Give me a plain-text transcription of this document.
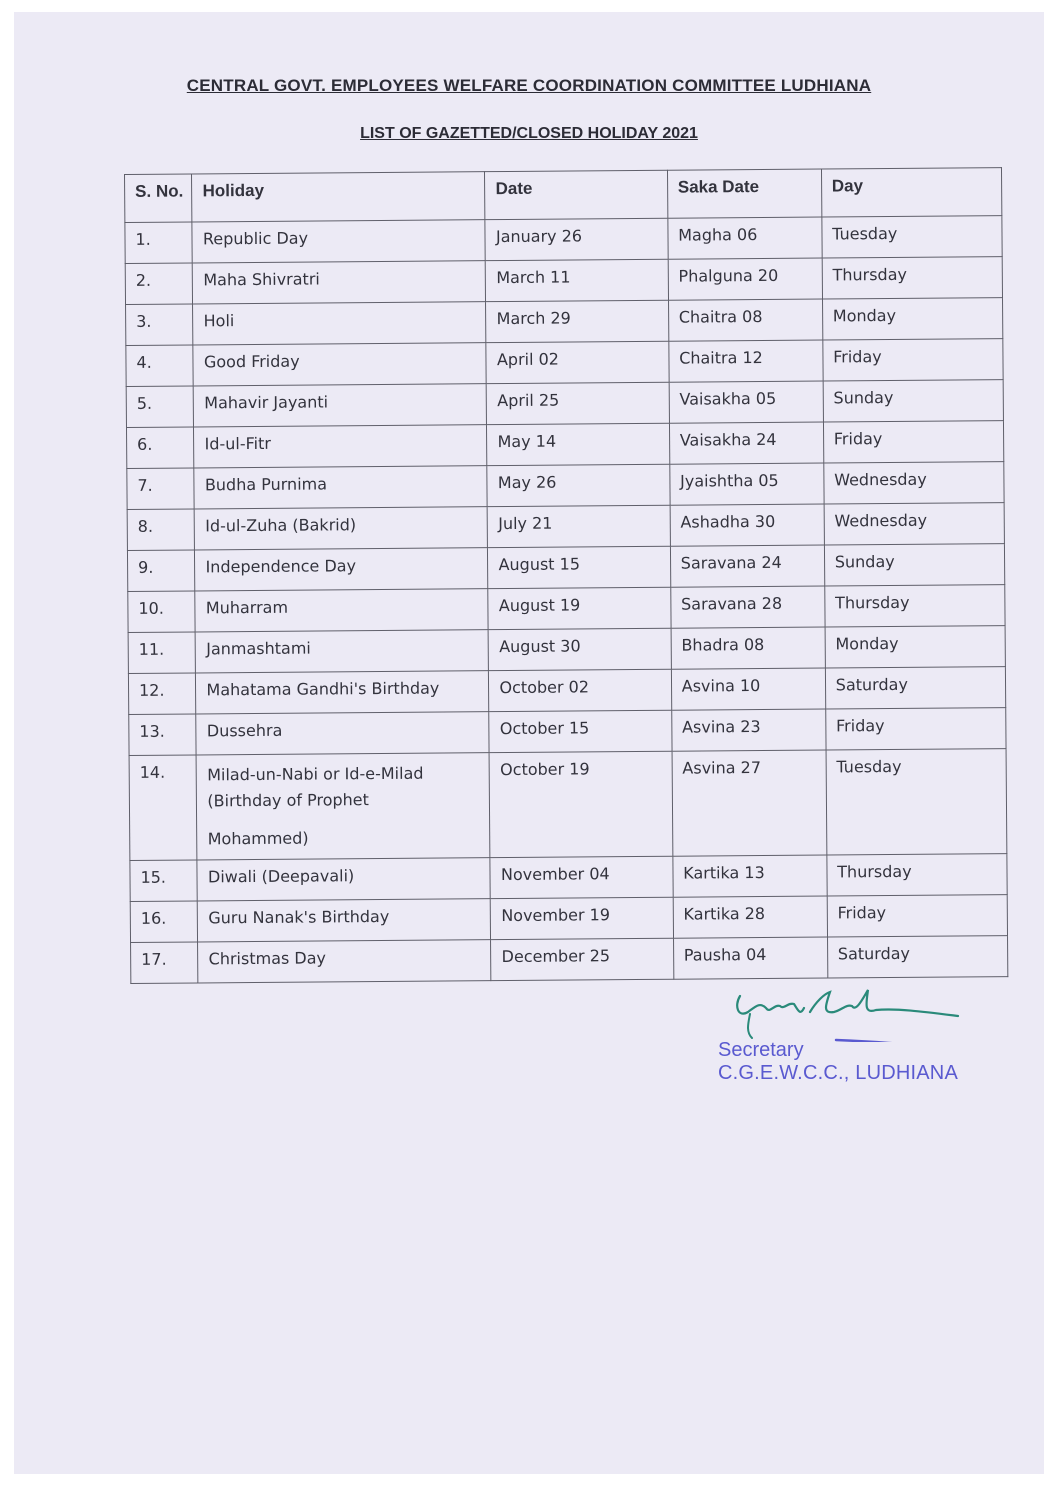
CENTRAL GOVT. EMPLOYEES WELFARE COORDINATION COMMITTEE LUDHIANA
LIST OF GAZETTED/CLOSED HOLIDAY 2021
S. No.	Holiday	Date	Saka Date	Day
1.	Republic Day	January 26	Magha 06	Tuesday
2.	Maha Shivratri	March 11	Phalguna 20	Thursday
3.	Holi	March 29	Chaitra 08	Monday
4.	Good Friday	April 02	Chaitra 12	Friday
5.	Mahavir Jayanti	April 25	Vaisakha 05	Sunday
6.	Id-ul-Fitr	May 14	Vaisakha 24	Friday
7.	Budha Purnima	May 26	Jyaishtha 05	Wednesday
8.	Id-ul-Zuha (Bakrid)	July 21	Ashadha 30	Wednesday
9.	Independence Day	August 15	Saravana 24	Sunday
10.	Muharram	August 19	Saravana 28	Thursday
11.	Janmashtami	August 30	Bhadra 08	Monday
12.	Mahatama Gandhi's Birthday	October 02	Asvina 10	Saturday
13.	Dussehra	October 15	Asvina 23	Friday
14.	Milad-un-Nabi or Id-e-Milad
(Birthday of Prophet
Mohammed)	October 19	Asvina 27	Tuesday
15.	Diwali (Deepavali)	November 04	Kartika 13	Thursday
16.	Guru Nanak's Birthday	November 19	Kartika 28	Friday
17.	Christmas Day	December 25	Pausha 04	Saturday
Secretary
C.G.E.W.C.C., LUDHIANA
